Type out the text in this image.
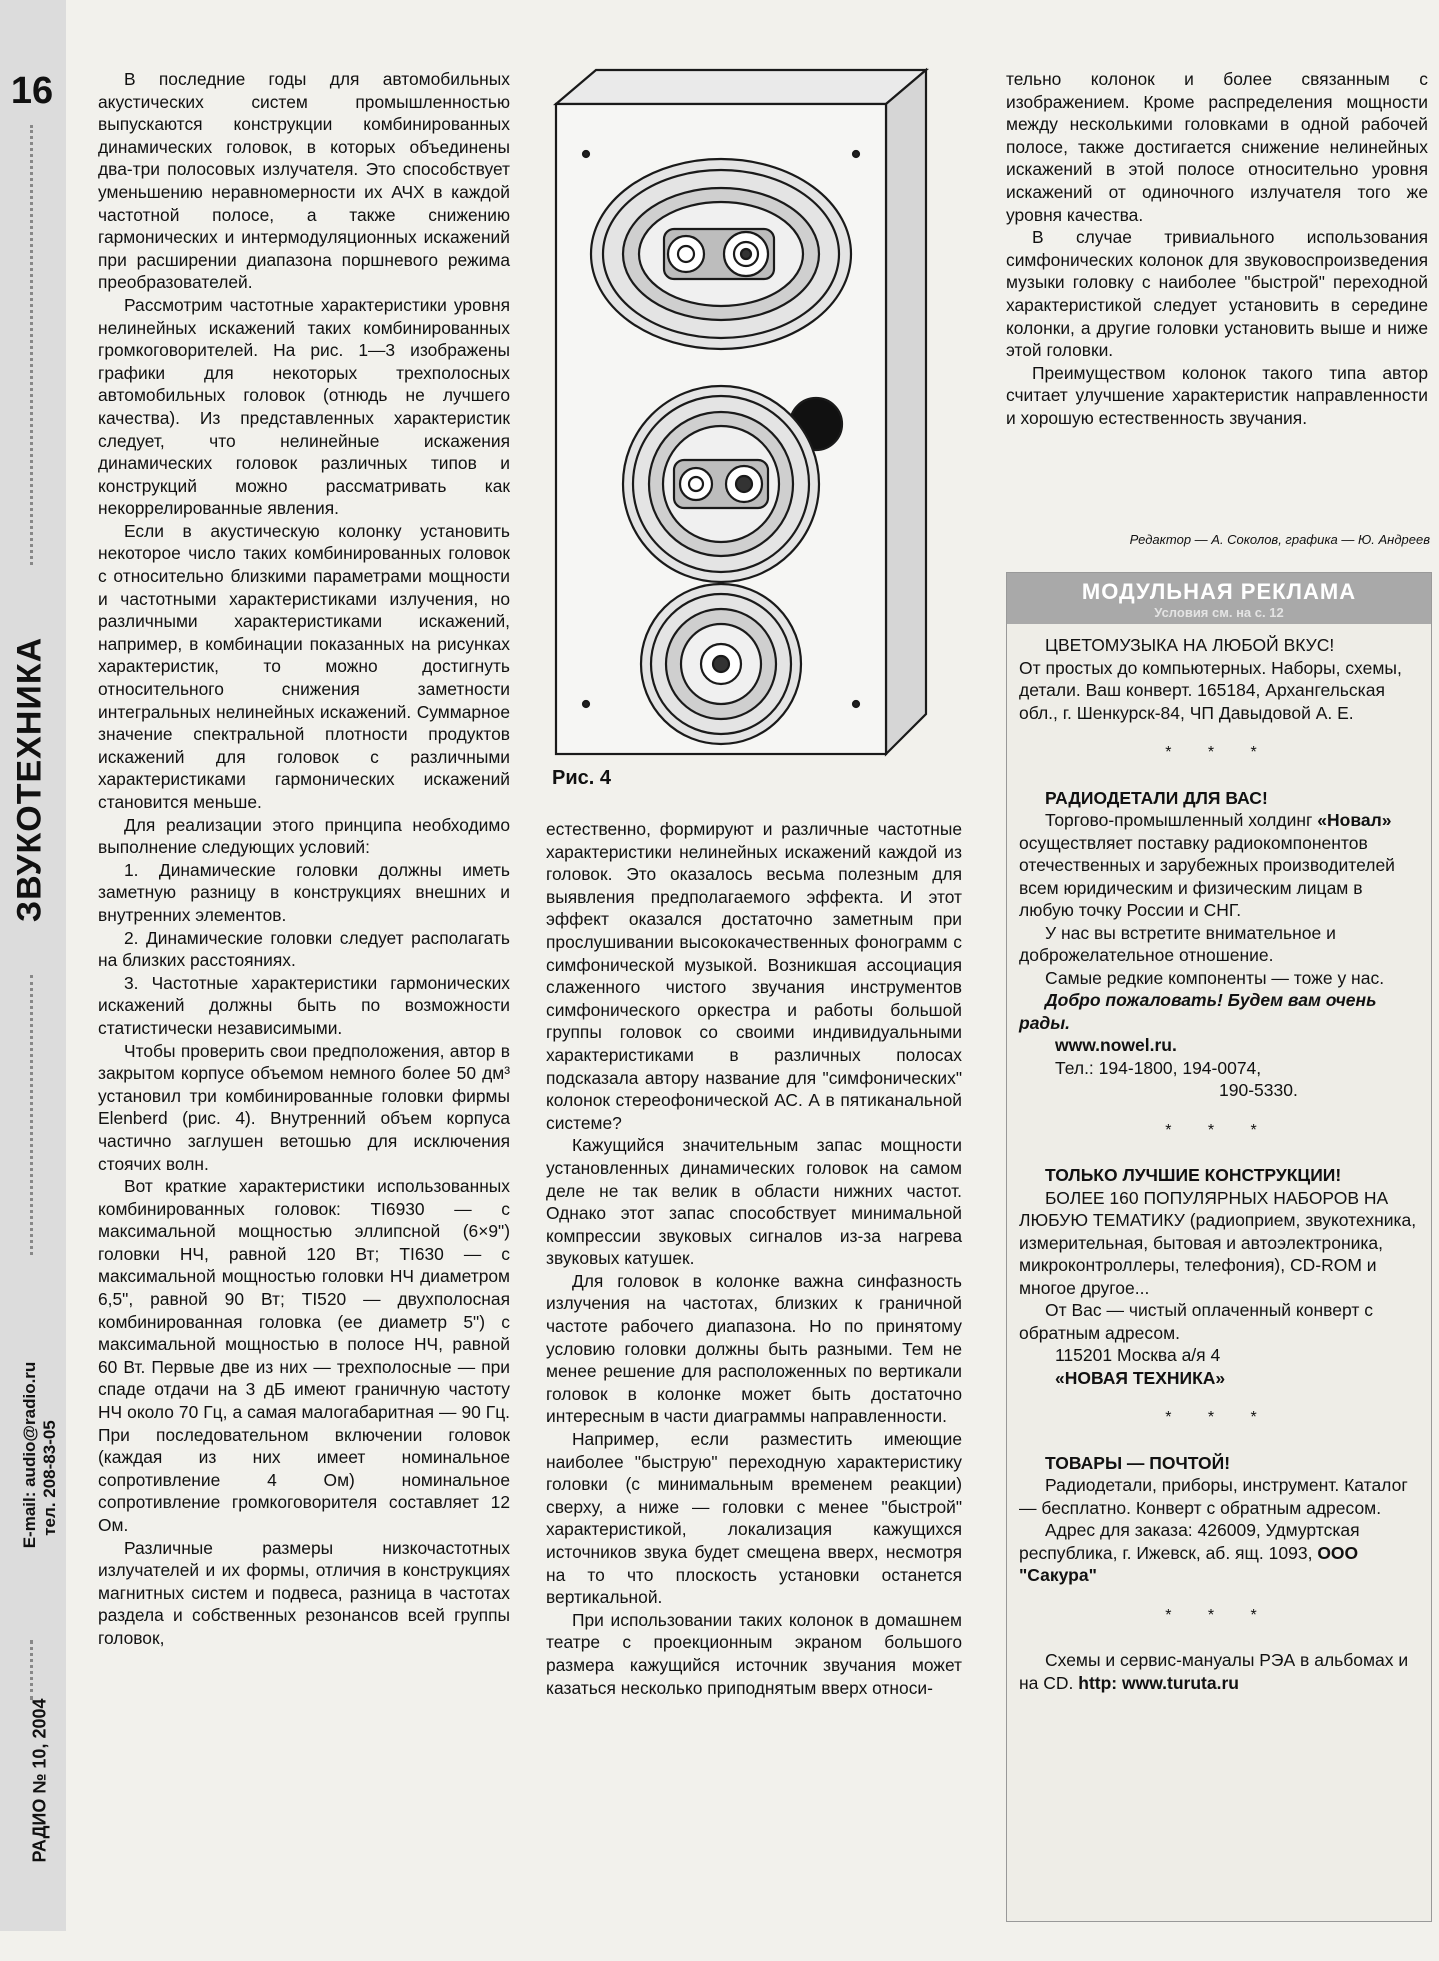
16
ЗВУКОТЕХНИКА
E-mail: audio@radio.ru тел. 208-83-05
РАДИО № 10, 2004

В последние годы для автомобильных акустических систем промышленностью выпускаются конструкции комбинированных динамических головок, в которых объединены два-три полосовых излучателя. Это способствует уменьшению неравномерности их АЧХ в каждой частотной полосе, а также снижению гармонических и интермодуляционных искажений при расширении диапазона поршневого режима преобразователей.

Рассмотрим частотные характеристики уровня нелинейных искажений таких комбинированных громкоговорителей. На рис. 1—3 изображены графики для некоторых трехполосных автомобильных головок (отнюдь не лучшего качества). Из представленных характеристик следует, что нелинейные искажения динамических головок различных типов и конструкций можно рассматривать как некоррелированные явления.

Если в акустическую колонку установить некоторое число таких комбинированных головок с относительно близкими параметрами мощности и частотными характеристиками излучения, но различными характеристиками искажений, например, в комбинации показанных на рисунках характеристик, то можно достигнуть относительного снижения заметности интегральных нелинейных искажений. Суммарное значение спектральной плотности продуктов искажений для головок с различными характеристиками гармонических искажений становится меньше.

Для реализации этого принципа необходимо выполнение следующих условий:

1. Динамические головки должны иметь заметную разницу в конструкциях внешних и внутренних элементов.

2. Динамические головки следует располагать на близких расстояниях.

3. Частотные характеристики гармонических искажений должны быть по возможности статистически независимыми.

Чтобы проверить свои предположения, автор в закрытом корпусе объемом немного более 50 дм³ установил три комбинированные головки фирмы Elenberd (рис. 4). Внутренний объем корпуса частично заглушен ветошью для исключения стоячих волн.

Вот краткие характеристики использованных комбинированных головок: TI6930 — с максимальной мощностью эллипсной (6×9") головки НЧ, равной 120 Вт; TI630 — с максимальной мощностью головки НЧ диаметром 6,5", равной 90 Вт; TI520 — двухполосная комбинированная головка (ее диаметр 5") с максимальной мощностью в полосе НЧ, равной 60 Вт. Первые две из них — трехполосные — при спаде отдачи на 3 дБ имеют граничную частоту НЧ около 70 Гц, а самая малогабаритная — 90 Гц. При последовательном включении головок (каждая из них имеет номинальное сопротивление 4 Ом) номинальное сопротивление громкоговорителя составляет 12 Ом.

Различные размеры низкочастотных излучателей и их формы, отличия в конструкциях магнитных систем и подвеса, разница в частотах раздела и собственных резонансов всей группы головок,

Рис. 4

естественно, формируют и различные частотные характеристики нелинейных искажений каждой из головок. Это оказалось весьма полезным для выявления предполагаемого эффекта. И этот эффект оказался достаточно заметным при прослушивании высококачественных фонограмм с симфонической музыкой. Возникшая ассоциация слаженного чистого звучания инструментов симфонического оркестра и работы большой группы головок со своими индивидуальными характеристиками в различных полосах подсказала автору название для "симфонических" колонок стереофонической АС. А в пятиканальной системе?

Кажущийся значительным запас мощности установленных динамических головок на самом деле не так велик в области нижних частот. Однако этот запас способствует минимальной компрессии звуковых сигналов из-за нагрева звуковых катушек.

Для головок в колонке важна синфазность излучения на частотах, близких к граничной частоте рабочего диапазона. Но по принятому условию головки должны быть разными. Тем не менее решение для расположенных по вертикали головок в колонке может быть достаточно интересным в части диаграммы направленности.

Например, если разместить имеющие наиболее "быструю" переходную характеристику головки (с минимальным временем реакции) сверху, а ниже — головки с менее "быстрой" характеристикой, локализация кажущихся источников звука будет смещена вверх, несмотря на то что плоскость установки останется вертикальной.

При использовании таких колонок в домашнем театре с проекционным экраном большого размера кажущийся источник звучания может казаться несколько приподнятым вверх относи-

тельно колонок и более связанным с изображением. Кроме распределения мощности между несколькими головками в одной рабочей полосе, также достигается снижение нелинейных искажений в этой полосе относительно уровня искажений от одиночного излучателя того же уровня качества.

В случае тривиального использования симфонических колонок для звуковоспроизведения музыки головку с наиболее "быстрой" переходной характеристикой следует установить в середине колонки, а другие головки установить выше и ниже этой головки.

Преимуществом колонок такого типа автор считает улучшение характеристик направленности и хорошую естественность звучания.

Редактор — А. Соколов, графика — Ю. Андреев
МОДУЛЬНАЯ РЕКЛАМА
Условия см. на с. 12

ЦВЕТОМУЗЫКА НА ЛЮБОЙ ВКУС!

От простых до компьютерных. Наборы, схемы, детали. Ваш конверт. 165184, Архангельская обл., г. Шенкурск-84, ЧП Давыдовой А. Е.

* * *

РАДИОДЕТАЛИ ДЛЯ ВАС!

Торгово-промышленный холдинг «Новал» осуществляет поставку радиокомпонентов отечественных и зарубежных производителей всем юридическим и физическим лицам в любую точку России и СНГ.

У нас вы встретите внимательное и доброжелательное отношение.

Самые редкие компоненты — тоже у нас.

Добро пожаловать! Будем вам очень рады.

www.nowel.ru.

Тел.: 194-1800, 194-0074,

190-5330.

* * *

ТОЛЬКО ЛУЧШИЕ КОНСТРУКЦИИ!

БОЛЕЕ 160 ПОПУЛЯРНЫХ НАБОРОВ НА ЛЮБУЮ ТЕМАТИКУ (радиоприем, звукотехника, измерительная, бытовая и автоэлектроника, микроконтроллеры, телефония), CD-ROM и многое другое...

От Вас — чистый оплаченный конверт с обратным адресом.

115201 Москва а/я 4

«НОВАЯ ТЕХНИКА»

* * *

ТОВАРЫ — ПОЧТОЙ!

Радиодетали, приборы, инструмент. Каталог — бесплатно. Конверт с обратным адресом.

Адрес для заказа: 426009, Удмуртская республика, г. Ижевск, аб. ящ. 1093, ООО "Сакура"

* * *

Схемы и сервис-мануалы РЭА в альбомах и на CD. http: www.turuta.ru
